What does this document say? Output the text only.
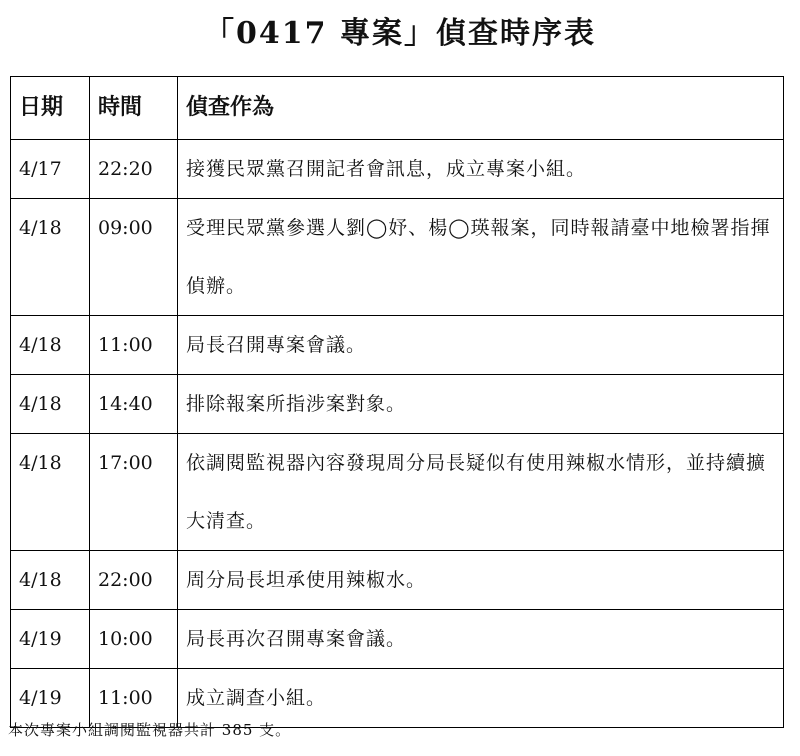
「0417 專案」偵查時序表
日期	時間	偵查作為
4/17	22:20	接獲民眾黨召開記者會訊息，成立專案小組。
4/18	09:00	受理民眾黨參選人劉◯妤、楊◯瑛報案，同時報請臺中地檢署指揮偵辦。
4/18	11:00	局長召開專案會議。
4/18	14:40	排除報案所指涉案對象。
4/18	17:00	依調閱監視器內容發現周分局長疑似有使用辣椒水情形，並持續擴大清查。
4/18	22:00	周分局長坦承使用辣椒水。
4/19	10:00	局長再次召開專案會議。
4/19	11:00	成立調查小組。
本次專案小組調閱監視器共計 385 支。
